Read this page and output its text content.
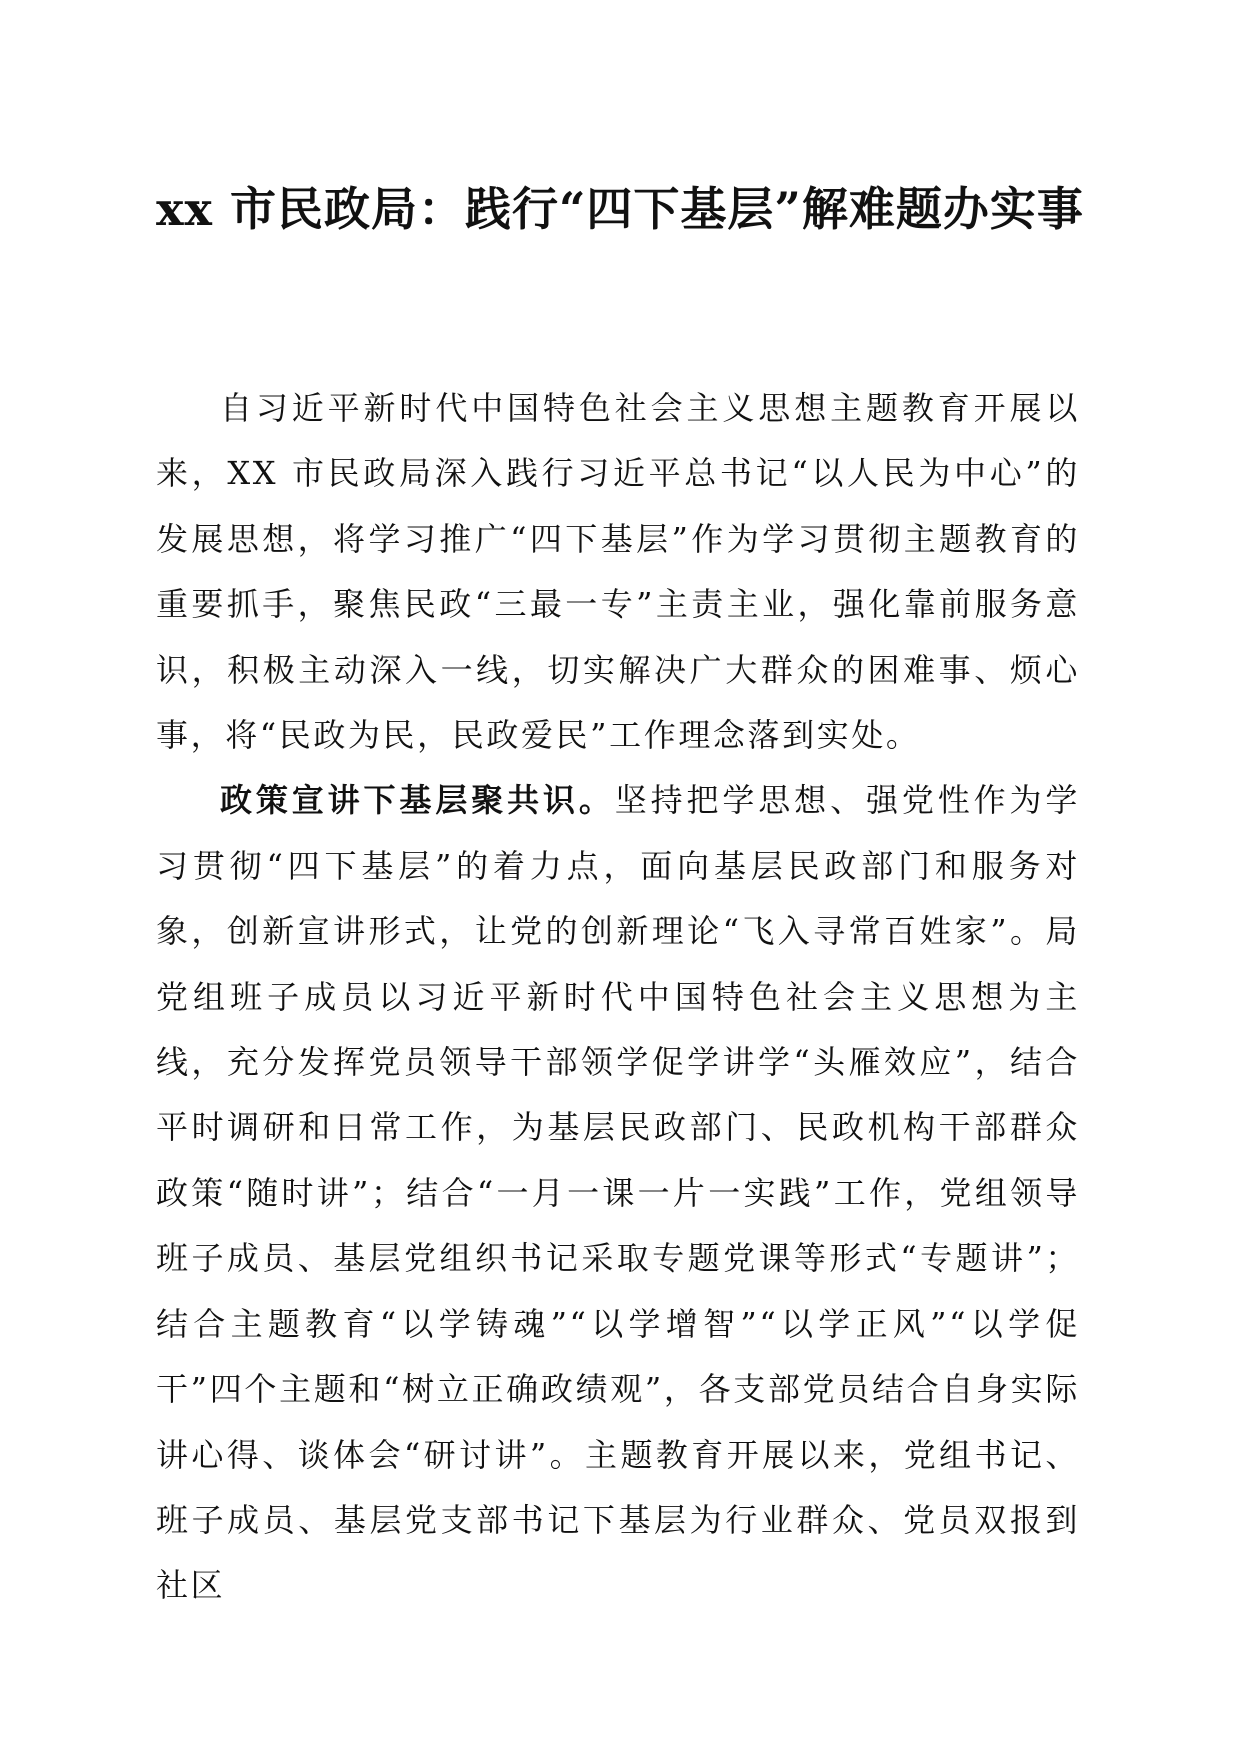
xx 市民政局：践行“四下基层”解难题办实事

自习近平新时代中国特色社会主义思想主题教育开展以来，XX 市民政局深入践行习近平总书记“以人民为中心”的发展思想，将学习推广“四下基层”作为学习贯彻主题教育的重要抓手，聚焦民政“三最一专”主责主业，强化靠前服务意识，积极主动深入一线，切实解决广大群众的困难事、烦心事，将“民政为民，民政爱民”工作理念落到实处。

政策宣讲下基层聚共识。坚持把学思想、强党性作为学习贯彻“四下基层”的着力点，面向基层民政部门和服务对象，创新宣讲形式，让党的创新理论“飞入寻常百姓家”。局党组班子成员以习近平新时代中国特色社会主义思想为主线，充分发挥党员领导干部领学促学讲学“头雁效应”，结合平时调研和日常工作，为基层民政部门、民政机构干部群众政策“随时讲”；结合“一月一课一片一实践”工作，党组领导班子成员、基层党组织书记采取专题党课等形式“专题讲”；结合主题教育“以学铸魂”“以学增智”“以学正风”“以学促干”四个主题和“树立正确政绩观”，各支部党员结合自身实际讲心得、谈体会“研讨讲”。主题教育开展以来，党组书记、班子成员、基层党支部书记下基层为行业群众、党员双报到社区
